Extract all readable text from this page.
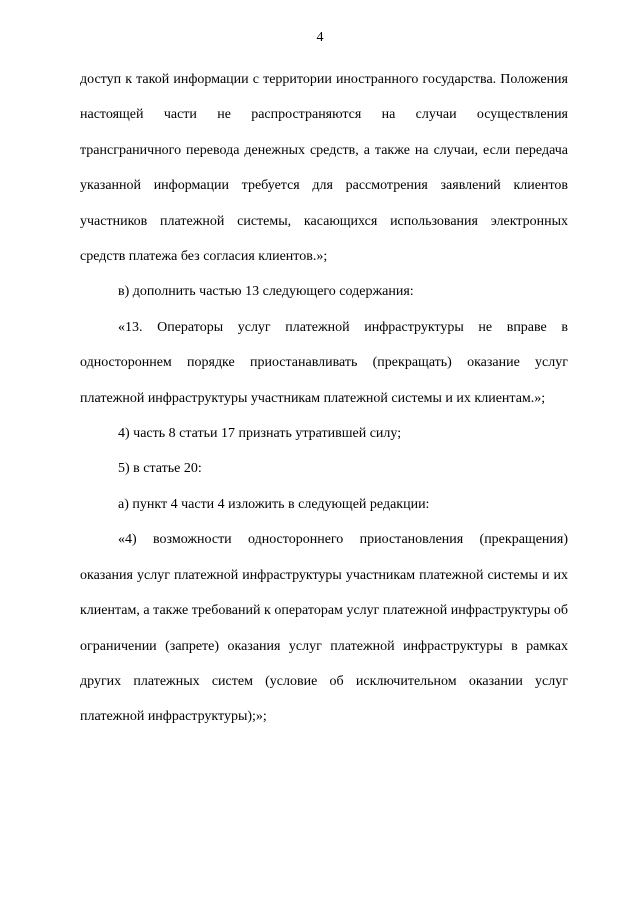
4

доступ к такой информации с территории иностранного государства. Положения настоящей части не распространяются на случаи осуществления трансграничного перевода денежных средств, а также на случаи, если передача указанной информации требуется для рассмотрения заявлений клиентов участников платежной системы, касающихся использования электронных средств платежа без согласия клиентов.»;

в) дополнить частью 13 следующего содержания:

«13. Операторы услуг платежной инфраструктуры не вправе в одностороннем порядке приостанавливать (прекращать) оказание услуг платежной инфраструктуры участникам платежной системы и их клиентам.»;

4) часть 8 статьи 17 признать утратившей силу;

5) в статье 20:

а) пункт 4 части 4 изложить в следующей редакции:

«4) возможности одностороннего приостановления (прекращения) оказания услуг платежной инфраструктуры участникам платежной системы и их клиентам, а также требований к операторам услуг платежной инфраструктуры об ограничении (запрете) оказания услуг платежной инфраструктуры в рамках других платежных систем (условие об исключительном оказании услуг платежной инфраструктуры);»;
